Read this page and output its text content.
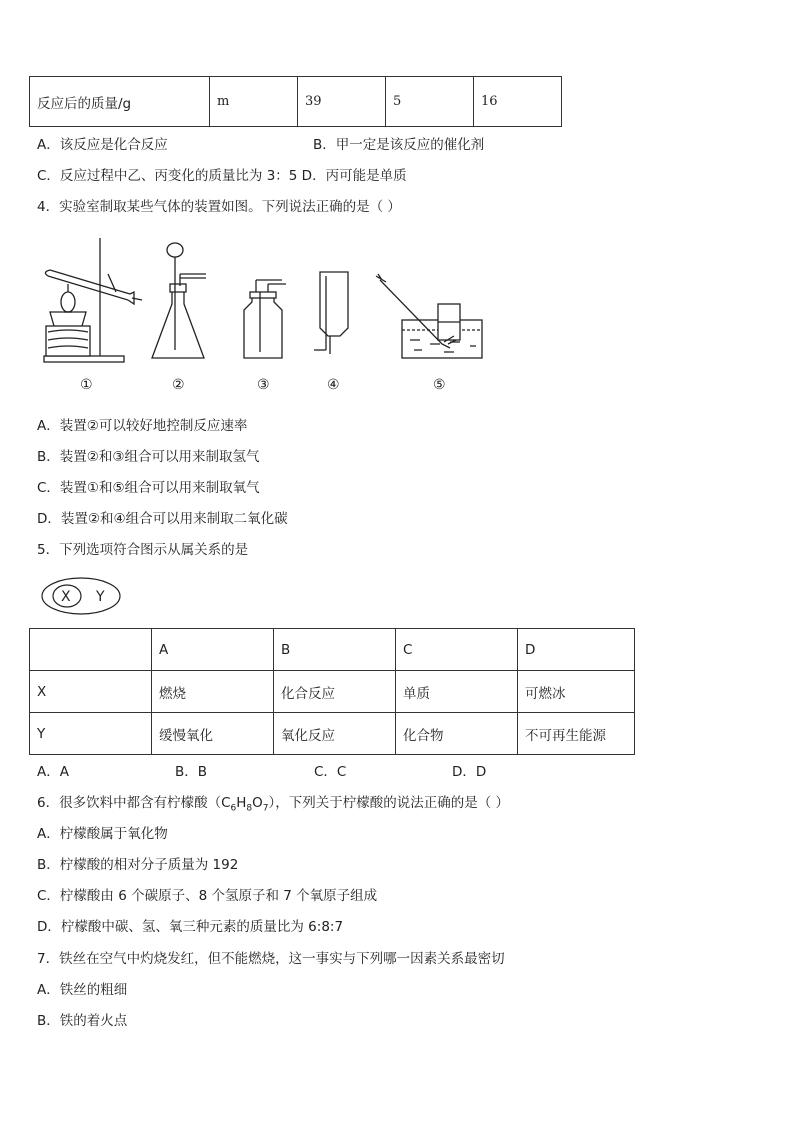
反应后的质量/g	m	39	5	16
A．该反应是化合反应	B．甲一定是该反应的催化剂
C．反应过程中乙、丙变化的质量比为 3：5 D．丙可能是单质
4．实验室制取某些气体的装置如图。下列说法正确的是（ ）
①	②	③	④	⑤
A．装置②可以较好地控制反应速率
B．装置②和③组合可以用来制取氢气
C．装置①和⑤组合可以用来制取氧气
D．装置②和④组合可以用来制取二氧化碳
5．下列选项符合图示从属关系的是
X Y
	A	B	C	D
X	燃烧	化合反应	单质	可燃冰
Y	缓慢氧化	氧化反应	化合物	不可再生能源
A．A	B．B	C．C	D．D
6．很多饮料中都含有柠檬酸$(C_6H_8O_7)$，下列关于柠檬酸的说法正确的是（ ）
A．柠檬酸属于氧化物
B．柠檬酸的相对分子质量为 192
C．柠檬酸由 6 个碳原子、8 个氢原子和 7 个氧原子组成
D．柠檬酸中碳、氢、氧三种元素的质量比为 6:8:7
7．铁丝在空气中灼烧发红，但不能燃烧，这一事实与下列哪一因素关系最密切
A．铁丝的粗细
B．铁的着火点
